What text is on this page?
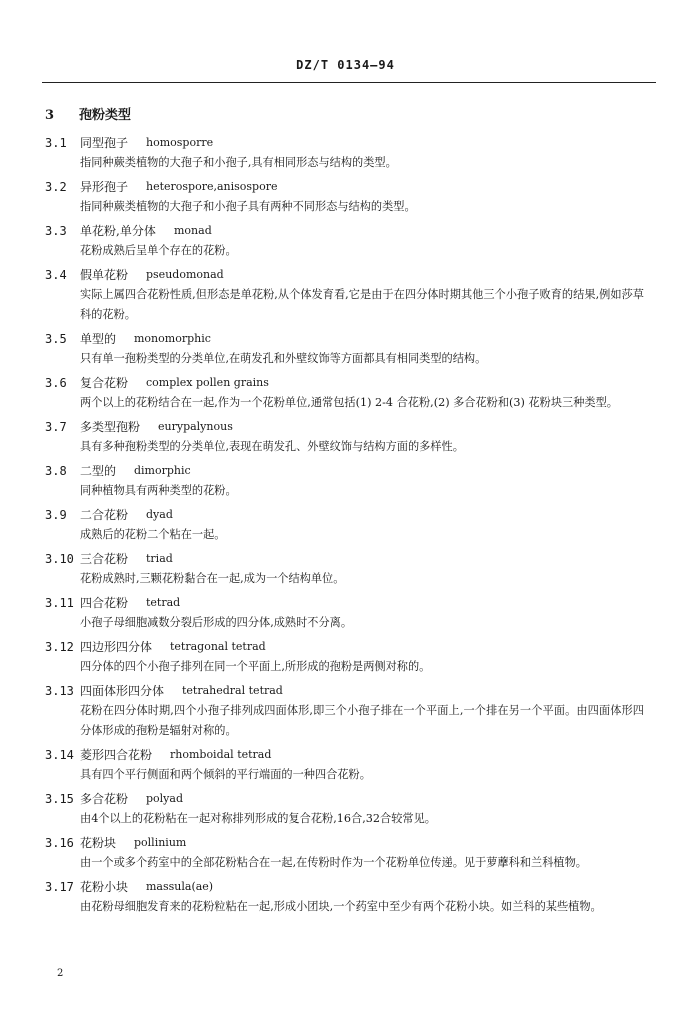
DZ/T 0134—94
3 孢粉类型
3.1 同型孢子 homosporre
指同种蕨类植物的大孢子和小孢子,具有相同形态与结构的类型。
3.2 异形孢子 heterospore,anisospore
指同种蕨类植物的大孢子和小孢子具有两种不同形态与结构的类型。
3.3 单花粉,单分体 monad
花粉成熟后呈单个存在的花粉。
3.4 假单花粉 pseudomonad
实际上属四合花粉性质,但形态是单花粉,从个体发育看,它是由于在四分体时期其他三个小孢子败育的结果,例如莎草科的花粉。
3.5 单型的 monomorphic
只有单一孢粉类型的分类单位,在萌发孔和外壁纹饰等方面都具有相同类型的结构。
3.6 复合花粉 complex pollen grains
两个以上的花粉结合在一起,作为一个花粉单位,通常包括(1) 2-4 合花粉,(2) 多合花粉和(3) 花粉块三种类型。
3.7 多类型孢粉 eurypalynous
具有多种孢粉类型的分类单位,表现在萌发孔、外壁纹饰与结构方面的多样性。
3.8 二型的 dimorphic
同种植物具有两种类型的花粉。
3.9 二合花粉 dyad
成熟后的花粉二个粘在一起。
3.10 三合花粉 triad
花粉成熟时,三颗花粉黏合在一起,成为一个结构单位。
3.11 四合花粉 tetrad
小孢子母细胞减数分裂后形成的四分体,成熟时不分离。
3.12 四边形四分体 tetragonal tetrad
四分体的四个小孢子排列在同一个平面上,所形成的孢粉是两侧对称的。
3.13 四面体形四分体 tetrahedral tetrad
花粉在四分体时期,四个小孢子排列成四面体形,即三个小孢子排在一个平面上,一个排在另一个平面。由四面体形四分体形成的孢粉是辐射对称的。
3.14 菱形四合花粉 rhomboidal tetrad
具有四个平行侧面和两个倾斜的平行端面的一种四合花粉。
3.15 多合花粉 polyad
由4个以上的花粉粘在一起对称排列形成的复合花粉,16合,32合较常见。
3.16 花粉块 pollinium
由一个或多个药室中的全部花粉粘合在一起,在传粉时作为一个花粉单位传递。见于萝藦科和兰科植物。
3.17 花粉小块 massula(ae)
由花粉母细胞发育来的花粉粒粘在一起,形成小团块,一个药室中至少有两个花粉小块。如兰科的某些植物。
2
